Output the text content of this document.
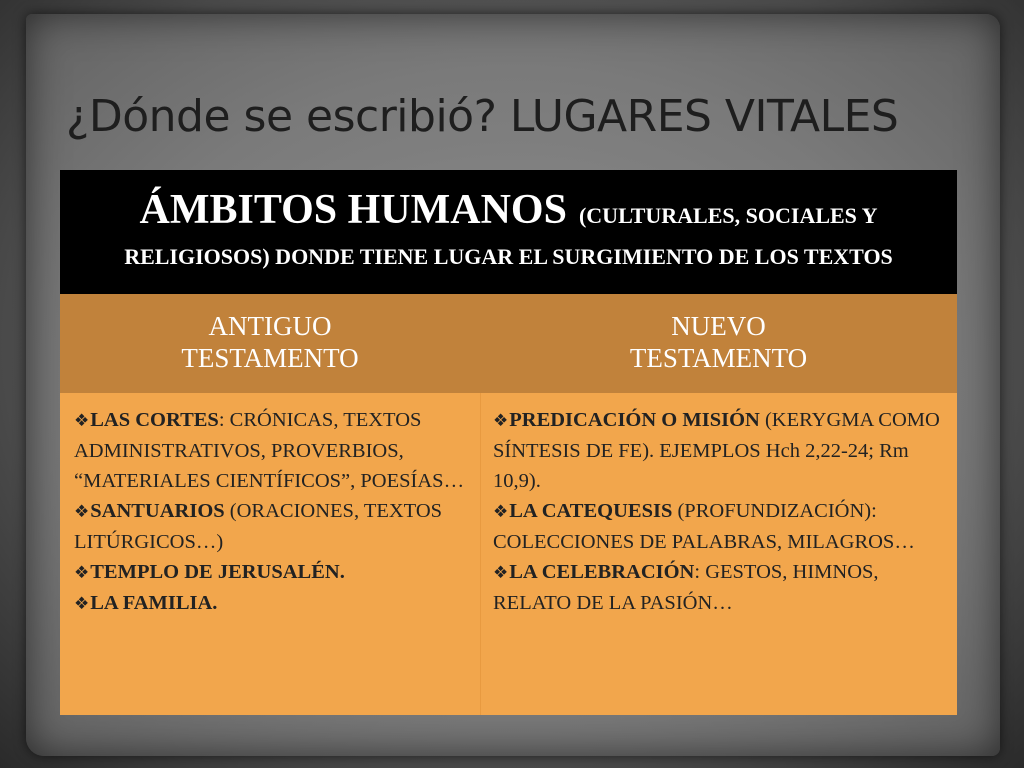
¿Dónde se escribió? LUGARES VITALES
ÁMBITOS HUMANOS (CULTURALES, SOCIALES Y
RELIGIOSOS) DONDE TIENE LUGAR EL SURGIMIENTO DE LOS TEXTOS
ANTIGUO
TESTAMENTO
NUEVO
TESTAMENTO

❖LAS CORTES: CRÓNICAS, TEXTOS ADMINISTRATIVOS, PROVERBIOS, “MATERIALES CIENTÍFICOS”, POESÍAS…

❖SANTUARIOS (ORACIONES, TEXTOS LITÚRGICOS…)

❖TEMPLO DE JERUSALÉN.

❖LA FAMILIA.

❖PREDICACIÓN O MISIÓN (KERYGMA COMO SÍNTESIS DE FE). EJEMPLOS Hch 2,22-24; Rm 10,9).

❖LA CATEQUESIS (PROFUNDIZACIÓN): COLECCIONES DE PALABRAS, MILAGROS…

❖LA CELEBRACIÓN: GESTOS, HIMNOS, RELATO DE LA PASIÓN…
